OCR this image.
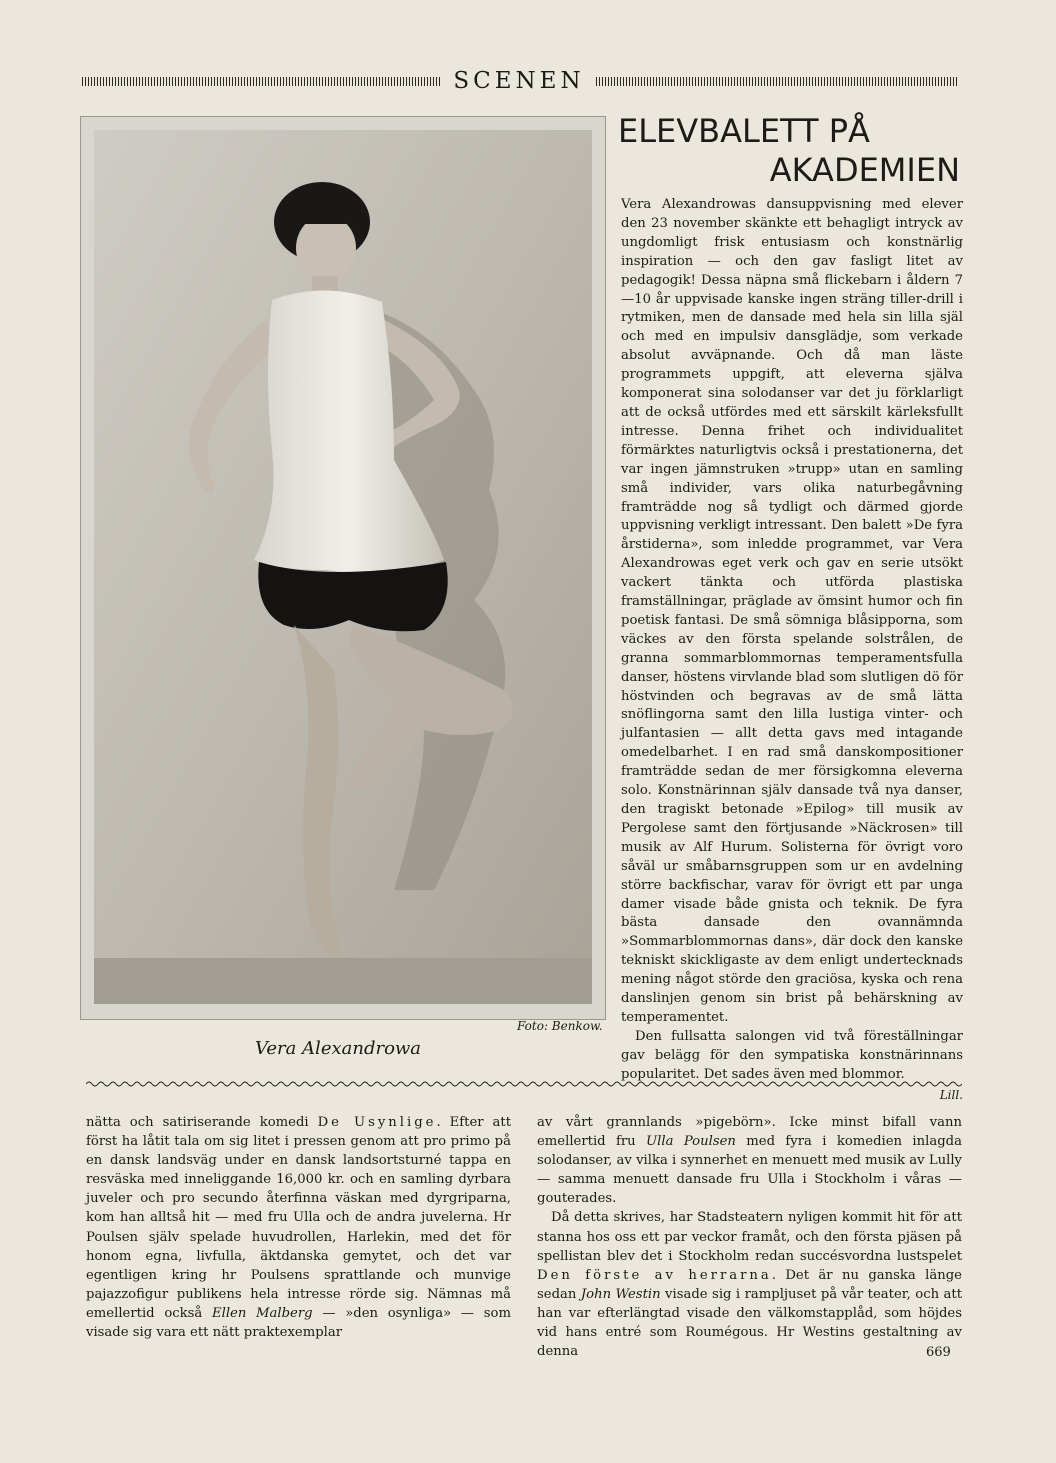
SCENEN
Foto: Benkow.
Vera Alexandrowa
ELEVBALETT PÅ
AKADEMIEN

Vera Alexandrowas dansuppvisning med elever den 23 november skänkte ett behagligt intryck av ungdomligt frisk entusiasm och konstnärlig inspiration — och den gav fasligt litet av pedagogik! Dessa näpna små flickebarn i åldern 7—10 år uppvisade kanske ingen sträng tiller-drill i rytmiken, men de dansade med hela sin lilla själ och med en impulsiv dansglädje, som verkade absolut avväpnande. Och då man läste programmets uppgift, att eleverna själva komponerat sina solodanser var det ju förklarligt att de också utfördes med ett särskilt kärleksfullt intresse. Denna frihet och individualitet förmärktes naturligtvis också i prestationerna, det var ingen jämnstruken »trupp» utan en samling små individer, vars olika naturbegåvning framträdde nog så tydligt och därmed gjorde uppvisning verkligt intressant. Den balett »De fyra årstiderna», som inledde programmet, var Vera Alexandrowas eget verk och gav en serie utsökt vackert tänkta och utförda plastiska framställningar, präglade av ömsint humor och fin poetisk fantasi. De små sömniga blåsipporna, som väckes av den första spelande solstrålen, de granna sommarblommornas temperamentsfulla danser, höstens virvlande blad som slutligen dö för höstvinden och begravas av de små lätta snöflingorna samt den lilla lustiga vinter- och julfantasien — allt detta gavs med intagande omedelbarhet. I en rad små danskompositioner framträdde sedan de mer försigkomna eleverna solo. Konstnärinnan själv dansade två nya danser, den tragiskt betonade »Epilog» till musik av Pergolese samt den förtjusande »Näckrosen» till musik av Alf Hurum. Solisterna för övrigt voro såväl ur småbarnsgruppen som ur en avdelning större backfischar, varav för övrigt ett par unga damer visade både gnista och teknik. De fyra bästa dansade den ovannämnda »Sommarblommornas dans», där dock den kanske tekniskt skickligaste av dem enligt undertecknads mening något störde den graciösa, kyska och rena danslinjen genom sin brist på behärskning av temperamentet.

Den fullsatta salongen vid två föreställningar gav belägg för den sympatiska konstnärinnans popularitet. Det sades även med blommor.

Lill.

nätta och satiriserande komedi De Usynlige. Efter att först ha låtit tala om sig litet i pressen genom att pro primo på en dansk landsväg under en dansk landsortsturné tappa en resväska med inneliggande 16,000 kr. och en samling dyrbara juveler och pro secundo återfinna väskan med dyrgriparna, kom han alltså hit — med fru Ulla och de andra juvelerna. Hr Poulsen själv spelade huvudrollen, Harlekin, med det för honom egna, livfulla, äktdanska gemytet, och det var egentligen kring hr Poulsens sprattlande och munvige pajazzofigur publikens hela intresse rörde sig. Nämnas må emellertid också Ellen Malberg — »den osynliga» — som visade sig vara ett nätt praktexemplar

av vårt grannlands »pigebörn». Icke minst bifall vann emellertid fru Ulla Poulsen med fyra i komedien inlagda solodanser, av vilka i synnerhet en menuett med musik av Lully — samma menuett dansade fru Ulla i Stockholm i våras — gouterades.

Då detta skrives, har Stadsteatern nyligen kommit hit för att stanna hos oss ett par veckor framåt, och den första pjäsen på spellistan blev det i Stockholm redan succésvordna lustspelet Den förste av herrarna. Det är nu ganska länge sedan John Westin visade sig i rampljuset på vår teater, och att han var efterlängtad visade den välkomstapplåd, som höjdes vid hans entré som Roumégous. Hr Westins gestaltning av denna	669
